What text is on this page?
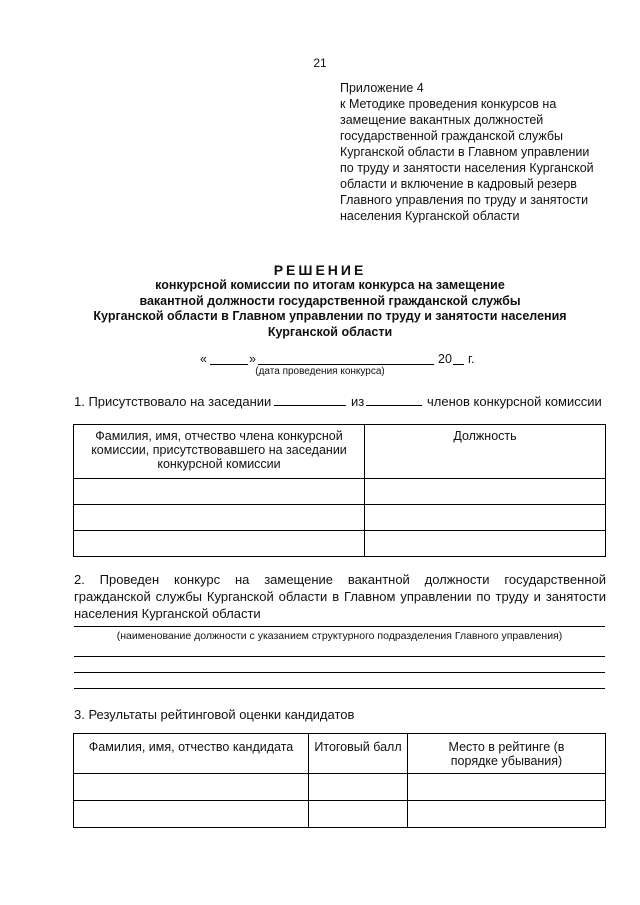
21
Приложение 4
к Методике проведения конкурсов на
замещение вакантных должностей
государственной гражданской службы
Курганской области в Главном управлении
по труду и занятости населения Курганской
области и включение в кадровый резерв
Главного управления по труду и занятости
населения Курганской области
РЕШЕНИЕ
конкурсной комиссии по итогам конкурса на замещение
вакантной должности государственной гражданской службы
Курганской области в Главном управлении по труду и занятости населения
Курганской области
«	»	20 г.
(дата проведения конкурса)
1. Присутствовало на заседании	из	членов конкурсной комиссии
Фамилия, имя, отчество члена конкурсной комиссии, присутствовавшего на заседании конкурсной комиссии	Должность

2. Проведен конкурс на замещение вакантной должности государственной гражданской службы Курганской области в Главном управлении по труду и занятости населения Курганской области
(наименование должности с указанием структурного подразделения Главного управления)
3. Результаты рейтинговой оценки кандидатов
Фамилия, имя, отчество кандидата	Итоговый балл	Место в рейтинге (в порядке убывания)
